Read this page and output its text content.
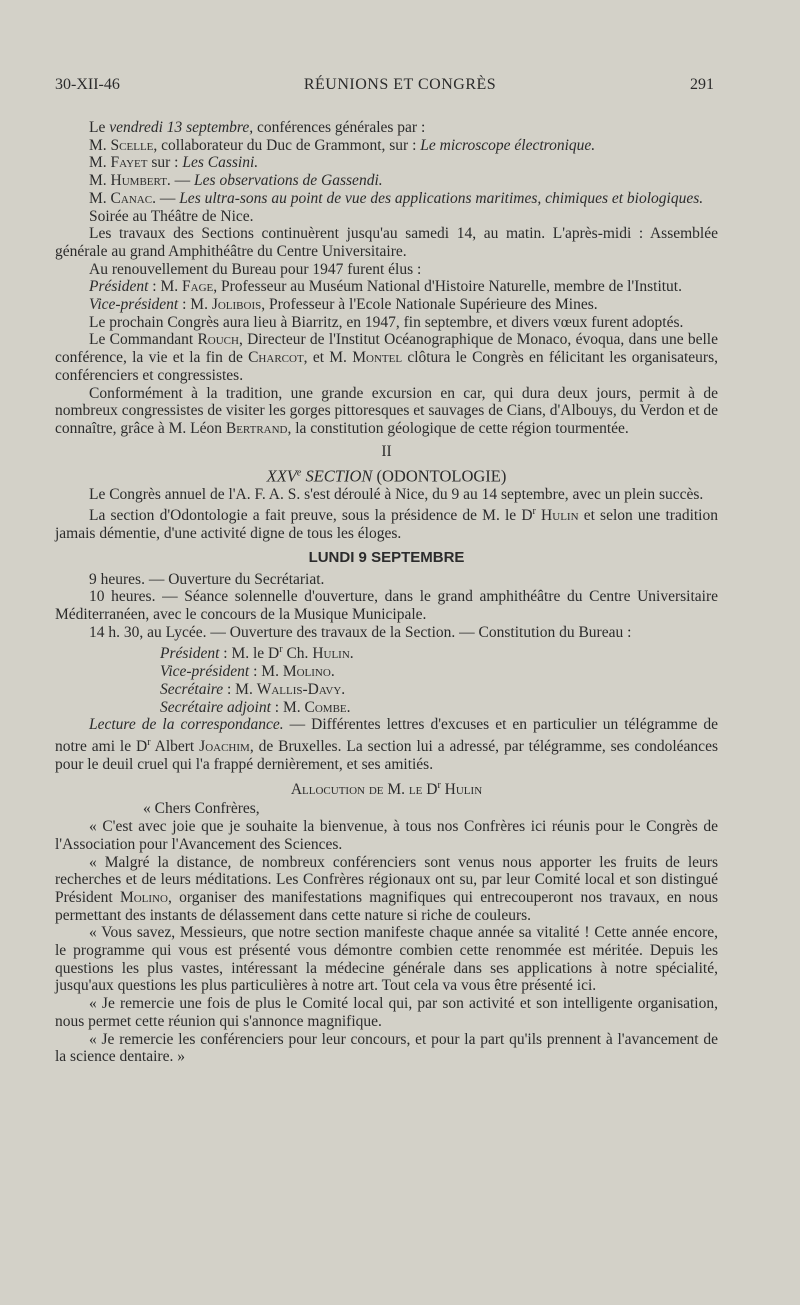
30-XII-46	RÉUNIONS ET CONGRÈS	291

Le vendredi 13 septembre, conférences générales par :

M. Scelle, collaborateur du Duc de Grammont, sur : Le microscope électronique.

M. Fayet sur : Les Cassini.

M. Humbert. — Les observations de Gassendi.

M. Canac. — Les ultra-sons au point de vue des applications maritimes, chimiques et biologiques.

Soirée au Théâtre de Nice.

Les travaux des Sections continuèrent jusqu'au samedi 14, au matin. L'après-midi : Assemblée générale au grand Amphithéâtre du Centre Universitaire.

Au renouvellement du Bureau pour 1947 furent élus :

Président : M. Fage, Professeur au Muséum National d'Histoire Naturelle, membre de l'Institut.

Vice-président : M. Jolibois, Professeur à l'Ecole Nationale Supérieure des Mines.

Le prochain Congrès aura lieu à Biarritz, en 1947, fin septembre, et divers vœux furent adoptés.

Le Commandant Rouch, Directeur de l'Institut Océanographique de Monaco, évoqua, dans une belle conférence, la vie et la fin de Charcot, et M. Montel clôtura le Congrès en félicitant les organisateurs, conférenciers et congressistes.

Conformément à la tradition, une grande excursion en car, qui dura deux jours, permit à de nombreux congressistes de visiter les gorges pittoresques et sauvages de Cians, d'Albouys, du Verdon et de connaître, grâce à M. Léon Bertrand, la constitution géologique de cette région tourmentée.

II

XXVe SECTION (ODONTOLOGIE)

Le Congrès annuel de l'A. F. A. S. s'est déroulé à Nice, du 9 au 14 septembre, avec un plein succès.

La section d'Odontologie a fait preuve, sous la présidence de M. le $D^r$ Hulin et selon une tradition jamais démentie, d'une activité digne de tous les éloges.

LUNDI 9 SEPTEMBRE

9 heures. — Ouverture du Secrétariat.

10 heures. — Séance solennelle d'ouverture, dans le grand amphithéâtre du Centre Universitaire Méditerranéen, avec le concours de la Musique Municipale.

14 h. 30, au Lycée. — Ouverture des travaux de la Section. — Constitution du Bureau :

Président : M. le $D^r$ Ch. Hulin.

Vice-président : M. Molino.

Secrétaire : M. Wallis-Davy.

Secrétaire adjoint : M. Combe.

Lecture de la correspondance. — Différentes lettres d'excuses et en particulier un télégramme de notre ami le $D^r$ Albert Joachim, de Bruxelles. La section lui a adressé, par télégramme, ses condoléances pour le deuil cruel qui l'a frappé dernièrement, et ses amitiés.

Allocution de M. le $D^r$ Hulin

« Chers Confrères,

« C'est avec joie que je souhaite la bienvenue, à tous nos Confrères ici réunis pour le Congrès de l'Association pour l'Avancement des Sciences.

« Malgré la distance, de nombreux conférenciers sont venus nous apporter les fruits de leurs recherches et de leurs méditations. Les Confrères régionaux ont su, par leur Comité local et son distingué Président Molino, organiser des manifestations magnifiques qui entrecouperont nos travaux, en nous permettant des instants de délassement dans cette nature si riche de couleurs.

« Vous savez, Messieurs, que notre section manifeste chaque année sa vitalité ! Cette année encore, le programme qui vous est présenté vous démontre combien cette renommée est méritée. Depuis les questions les plus vastes, intéressant la médecine générale dans ses applications à notre spécialité, jusqu'aux questions les plus particulières à notre art. Tout cela va vous être présenté ici.

« Je remercie une fois de plus le Comité local qui, par son activité et son intelligente organisation, nous permet cette réunion qui s'annonce magnifique.

« Je remercie les conférenciers pour leur concours, et pour la part qu'ils prennent à l'avancement de la science dentaire. »
